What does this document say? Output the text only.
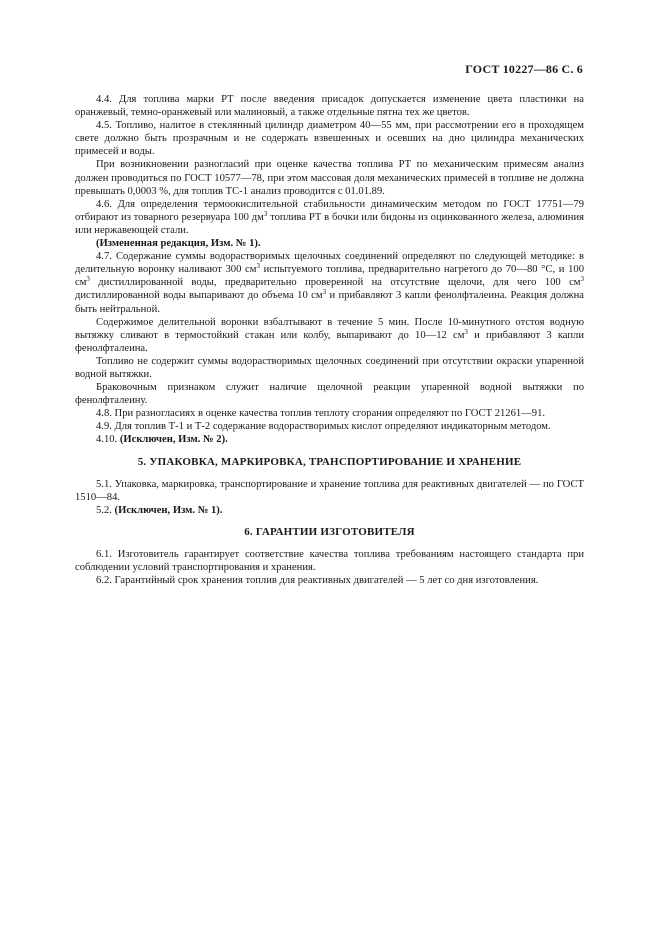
ГОСТ 10227—86 С. 6

4.4. Для топлива марки РТ после введения присадок допускается изменение цвета пластинки на оранжевый, темно-оранжевый или малиновый, а также отдельные пятна тех же цветов.

4.5. Топливо, налитое в стеклянный цилиндр диаметром 40—55 мм, при рассмотрении его в проходящем свете должно быть прозрачным и не содержать взвешенных и осевших на дно цилиндра механических примесей и воды.

При возникновении разногласий при оценке качества топлива РТ по механическим примесям анализ должен проводиться по ГОСТ 10577—78, при этом массовая доля механических примесей в топливе не должна превышать 0,0003 %, для топлив ТС-1 анализ проводится с 01.01.89.

4.6. Для определения термоокислительной стабильности динамическим методом по ГОСТ 17751—79 отбирают из товарного резервуара 100 $дм^3$ топлива РТ в бочки или бидоны из оцинкованного железа, алюминия или нержавеющей стали.

(Измененная редакция, Изм. № 1).

4.7. Содержание суммы водорастворимых щелочных соединений определяют по следующей методике: в делительную воронку наливают 300 $см^3$ испытуемого топлива, предварительно нагретого до 70—80 °С, и 100 $см^3$ дистиллированной воды, предварительно проверенной на отсутствие щелочи, для чего 100 $см^3$ дистиллированной воды выпаривают до объема 10 $см^3$ и прибавляют 3 капли фенолфталеина. Реакция должна быть нейтральной.

Содержимое делительной воронки взбалтывают в течение 5 мин. После 10-минутного отстоя водную вытяжку сливают в термостойкий стакан или колбу, выпаривают до 10—12 $см^3$ и прибавляют 3 капли фенолфталеина.

Топливо не содержит суммы водорастворимых щелочных соединений при отсутствии окраски упаренной водной вытяжки.

Браковочным признаком служит наличие щелочной реакции упаренной водной вытяжки по фенолфталеину.

4.8. При разногласиях в оценке качества топлив теплоту сгорания определяют по ГОСТ 21261—91.

4.9. Для топлив Т-1 и Т-2 содержание водорастворимых кислот определяют индикаторным методом.

4.10. (Исключен, Изм. № 2).

5. УПАКОВКА, МАРКИРОВКА, ТРАНСПОРТИРОВАНИЕ И ХРАНЕНИЕ

5.1. Упаковка, маркировка, транспортирование и хранение топлива для реактивных двигателей — по ГОСТ 1510—84.

5.2. (Исключен, Изм. № 1).

6. ГАРАНТИИ ИЗГОТОВИТЕЛЯ

6.1. Изготовитель гарантирует соответствие качества топлива требованиям настоящего стандарта при соблюдении условий транспортирования и хранения.

6.2. Гарантийный срок хранения топлив для реактивных двигателей — 5 лет со дня изготовления.
